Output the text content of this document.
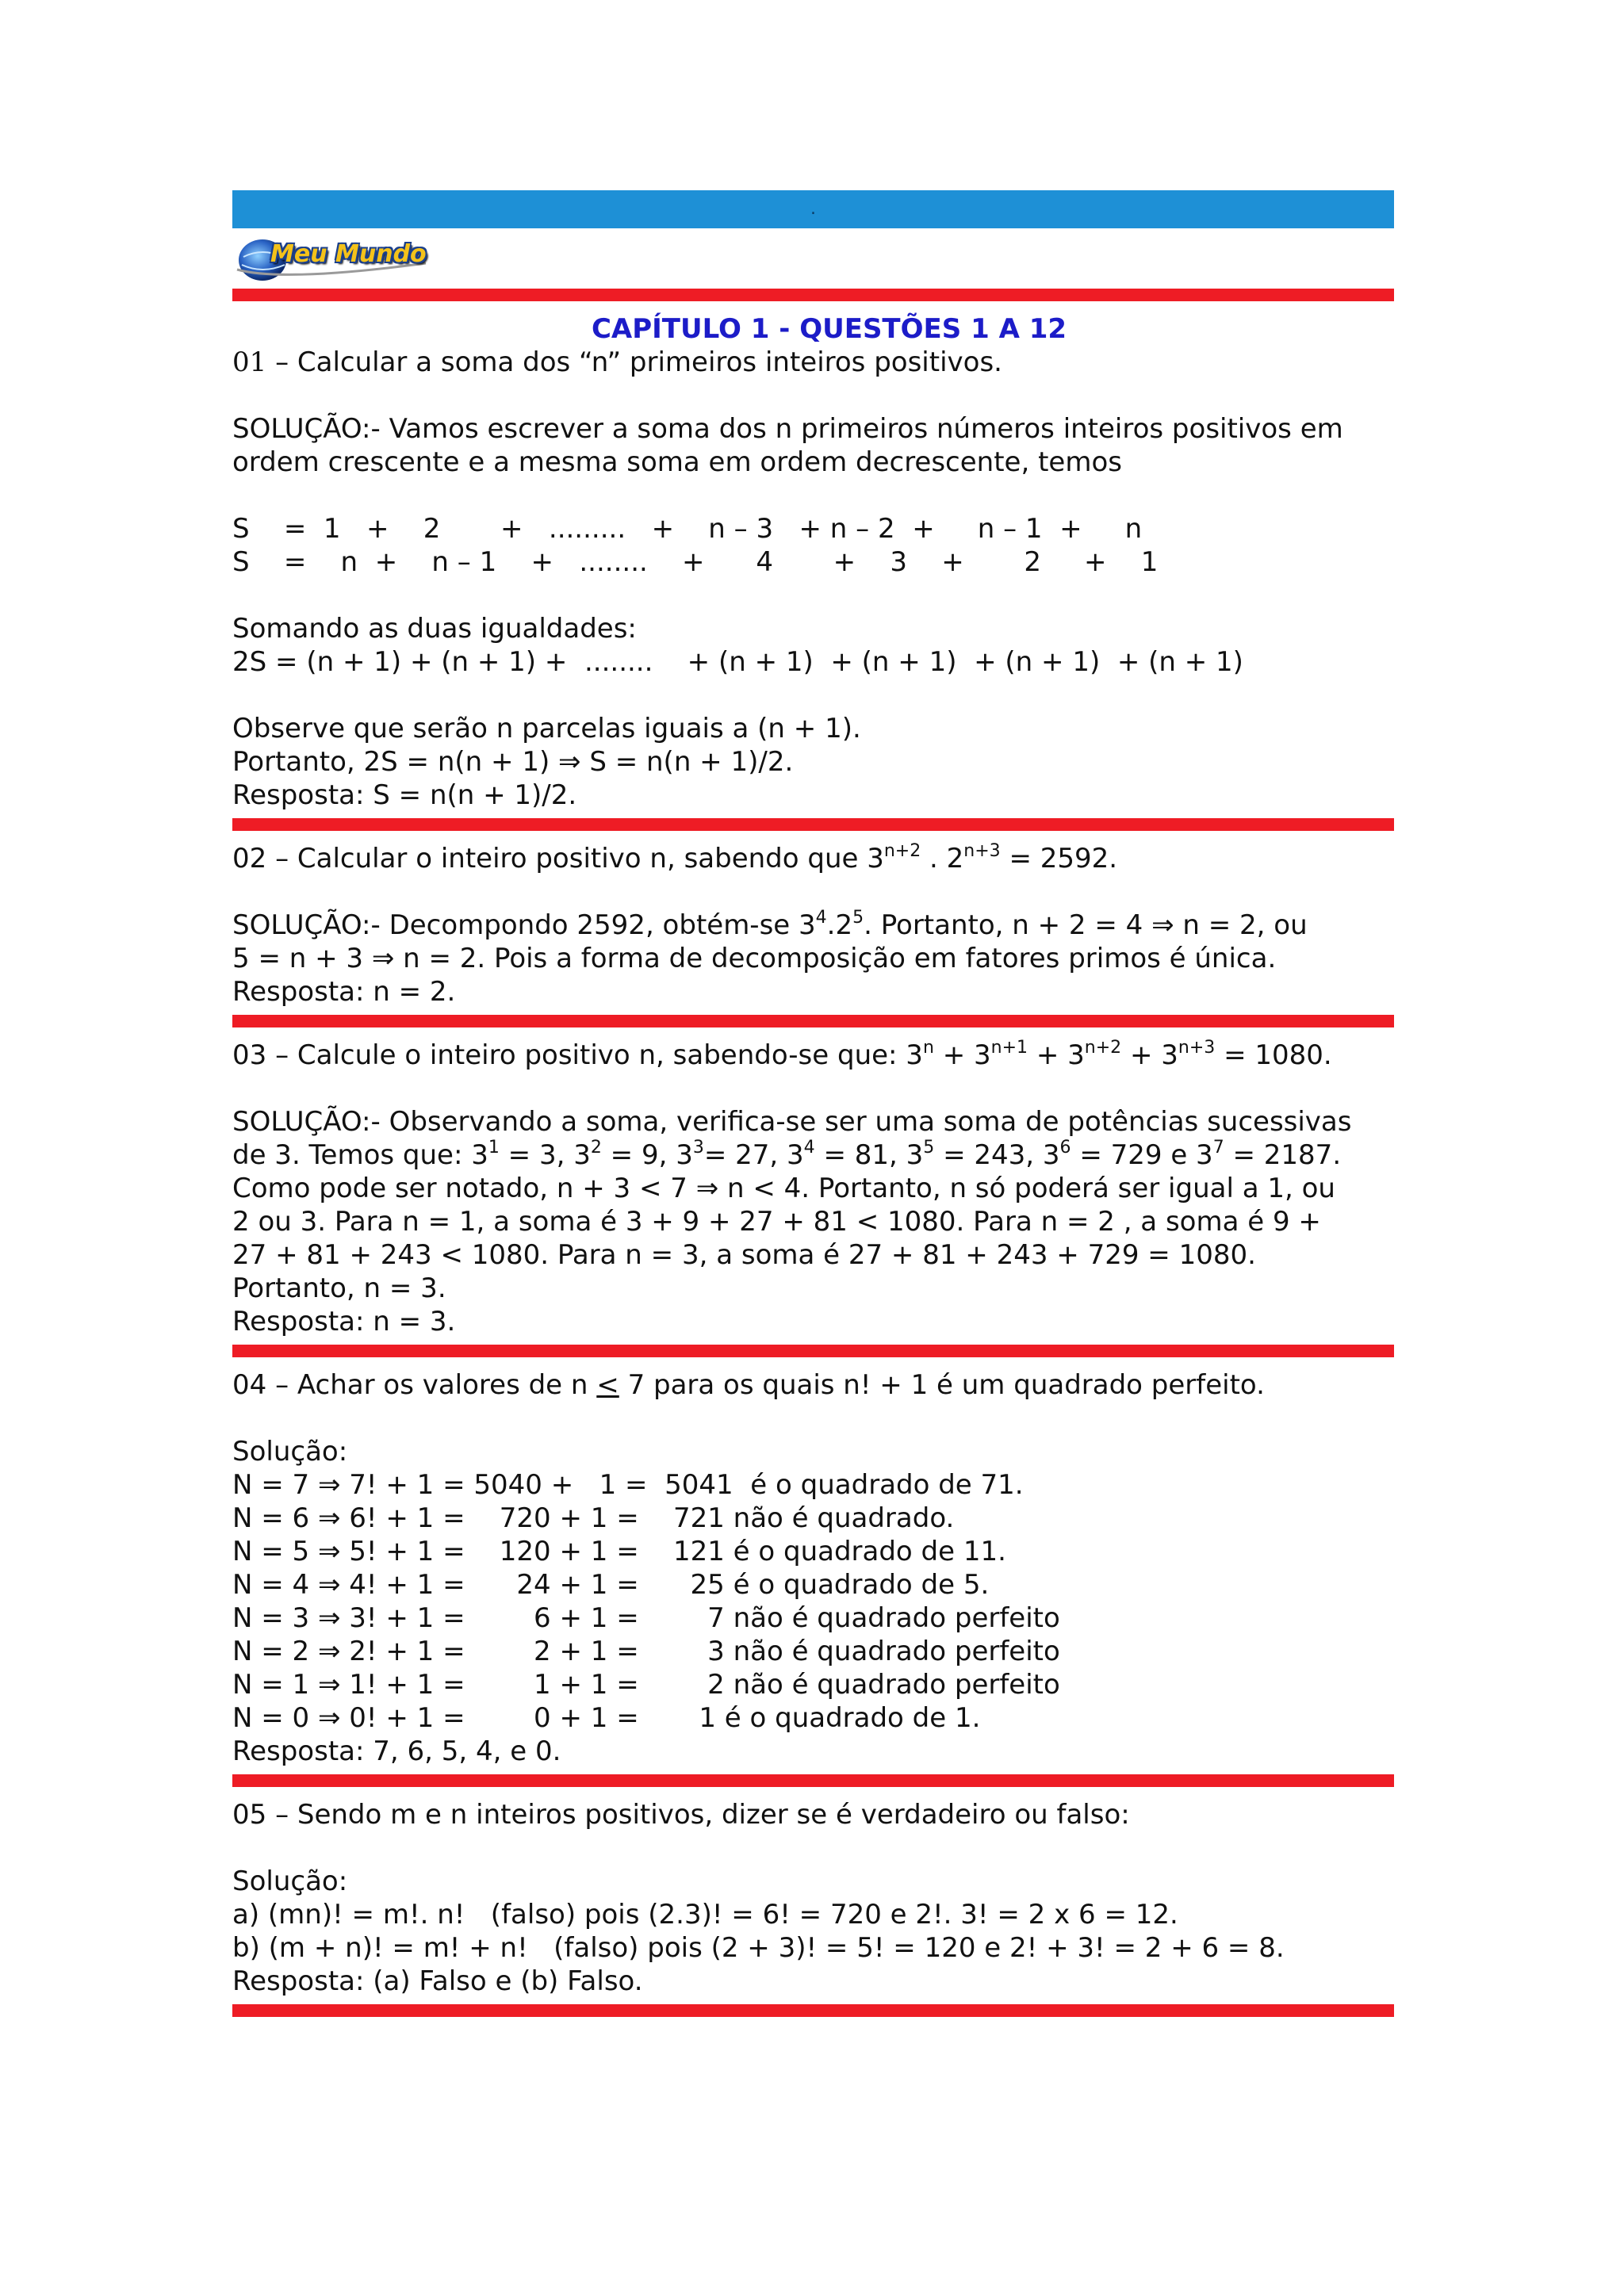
.
Meu Mundo

CAPÍTULO 1 - QUESTÕES 1 A 12

01 – Calcular a soma dos “n” primeiros inteiros positivos.

SOLUÇÃO:- Vamos escrever a soma dos n primeiros números inteiros positivos em

ordem crescente e a mesma soma em ordem decrescente, temos

S    =  1   +    2       +   .........   +    n – 3   + n – 2  +     n – 1  +     n
S    =    n  +    n – 1    +   ........    +      4       +    3    +       2     +    1

Somando as duas igualdades:

2S = (n + 1) + (n + 1) +  ........    + (n + 1)  + (n + 1)  + (n + 1)  + (n + 1)

Observe que serão n parcelas iguais a (n + 1).

Portanto, 2S = n(n + 1) ⇒ S = n(n + 1)/2.

Resposta: S = n(n + 1)/2.

02 – Calcular o inteiro positivo n, sabendo que $3^{n+2}$ . $2^{n+3} = 2592$.

SOLUÇÃO:- Decompondo 2592, obtém-se $3^4.2^5$. Portanto, n + 2 = 4 ⇒ n = 2, ou

5 = n + 3 ⇒ n = 2. Pois a forma de decomposição em fatores primos é única.

Resposta: n = 2.

03 – Calcule o inteiro positivo n, sabendo-se que: $3^n + 3^{n+1} + 3^{n+2} + 3^{n+3} = 1080$.

SOLUÇÃO:- Observando a soma, verifica-se ser uma soma de potências sucessivas

de 3. Temos que: $3^1 = 3$, $3^2 = 9$, $3^3= 27$, $3^4 = 81$, $3^5 = 243$, $3^6 = 729$ e $3^7 = 2187$.

Como pode ser notado, n + 3 < 7 ⇒ n < 4. Portanto, n só poderá ser igual a 1, ou

2 ou 3. Para n = 1, a soma é 3 + 9 + 27 + 81 < 1080. Para n = 2 , a soma é 9 +

27 + 81 + 243 < 1080. Para n = 3, a soma é 27 + 81 + 243 + 729 = 1080.

Portanto, n = 3.

Resposta: n = 3.

04 – Achar os valores de n ≤ 7 para os quais n! + 1 é um quadrado perfeito.

Solução:

N = 7 ⇒ 7! + 1 = 5040 +   1 =  5041  é o quadrado de 71.
N = 6 ⇒ 6! + 1 =    720 + 1 =    721 não é quadrado.
N = 5 ⇒ 5! + 1 =    120 + 1 =    121 é o quadrado de 11.
N = 4 ⇒ 4! + 1 =      24 + 1 =      25 é o quadrado de 5.
N = 3 ⇒ 3! + 1 =        6 + 1 =        7 não é quadrado perfeito
N = 2 ⇒ 2! + 1 =        2 + 1 =        3 não é quadrado perfeito
N = 1 ⇒ 1! + 1 =        1 + 1 =        2 não é quadrado perfeito
N = 0 ⇒ 0! + 1 =        0 + 1 =       1 é o quadrado de 1.

Resposta: 7, 6, 5, 4, e 0.

05 – Sendo m e n inteiros positivos, dizer se é verdadeiro ou falso:

Solução:

a) (mn)! = m!. n!   (falso) pois (2.3)! = 6! = 720 e 2!. 3! = 2 x 6 = 12.
b) (m + n)! = m! + n!   (falso) pois (2 + 3)! = 5! = 120 e 2! + 3! = 2 + 6 = 8.

Resposta: (a) Falso e (b) Falso.
